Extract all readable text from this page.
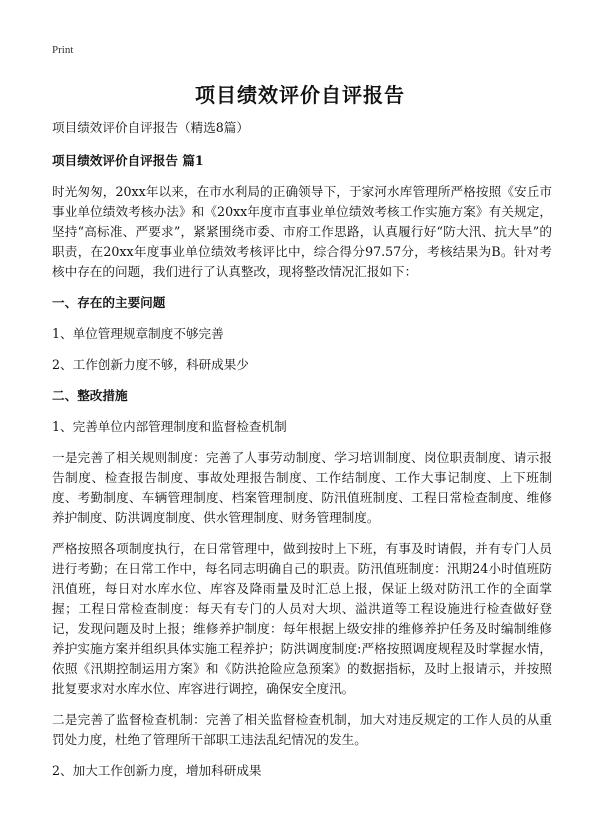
Print
项目绩效评价自评报告

项目绩效评价自评报告（精选8篇）

项目绩效评价自评报告 篇1

时光匆匆，20xx年以来，在市水利局的正确领导下，于家河水库管理所严格按照《安丘市事业单位绩效考核办法》和《20xx年度市直事业单位绩效考核工作实施方案》有关规定，坚持“高标准、严要求”，紧紧围绕市委、市府工作思路，认真履行好“防大汛、抗大旱”的职责，在20xx年度事业单位绩效考核评比中，综合得分97.57分，考核结果为B。针对考核中存在的问题，我们进行了认真整改，现将整改情况汇报如下：

一、存在的主要问题

1、单位管理规章制度不够完善

2、工作创新力度不够，科研成果少

二、整改措施

1、完善单位内部管理制度和监督检查机制

一是完善了相关规则制度：完善了人事劳动制度、学习培训制度、岗位职责制度、请示报告制度、检查报告制度、事故处理报告制度、工作结制度、工作大事记制度、上下班制度、考勤制度、车辆管理制度、档案管理制度、防汛值班制度、工程日常检查制度、维修养护制度、防洪调度制度、供水管理制度、财务管理制度。

严格按照各项制度执行，在日常管理中，做到按时上下班，有事及时请假，并有专门人员进行考勤；在日常工作中，每名同志明确自己的职责。防汛值班制度：汛期24小时值班防汛值班，每日对水库水位、库容及降雨量及时汇总上报，保证上级对防汛工作的全面掌握；工程日常检查制度：每天有专门的人员对大坝、溢洪道等工程设施进行检查做好登记，发现问题及时上报；维修养护制度：每年根据上级安排的维修养护任务及时编制维修养护实施方案并组织具体实施工程养护；防洪调度制度:严格按照调度规程及时掌握水情，依照《汛期控制运用方案》和《防洪抢险应急预案》的数据指标，及时上报请示，并按照批复要求对水库水位、库容进行调控，确保安全度汛。

二是完善了监督检查机制：完善了相关监督检查机制，加大对违反规定的工作人员的从重罚处力度，杜绝了管理所干部职工违法乱纪情况的发生。

2、加大工作创新力度，增加科研成果
